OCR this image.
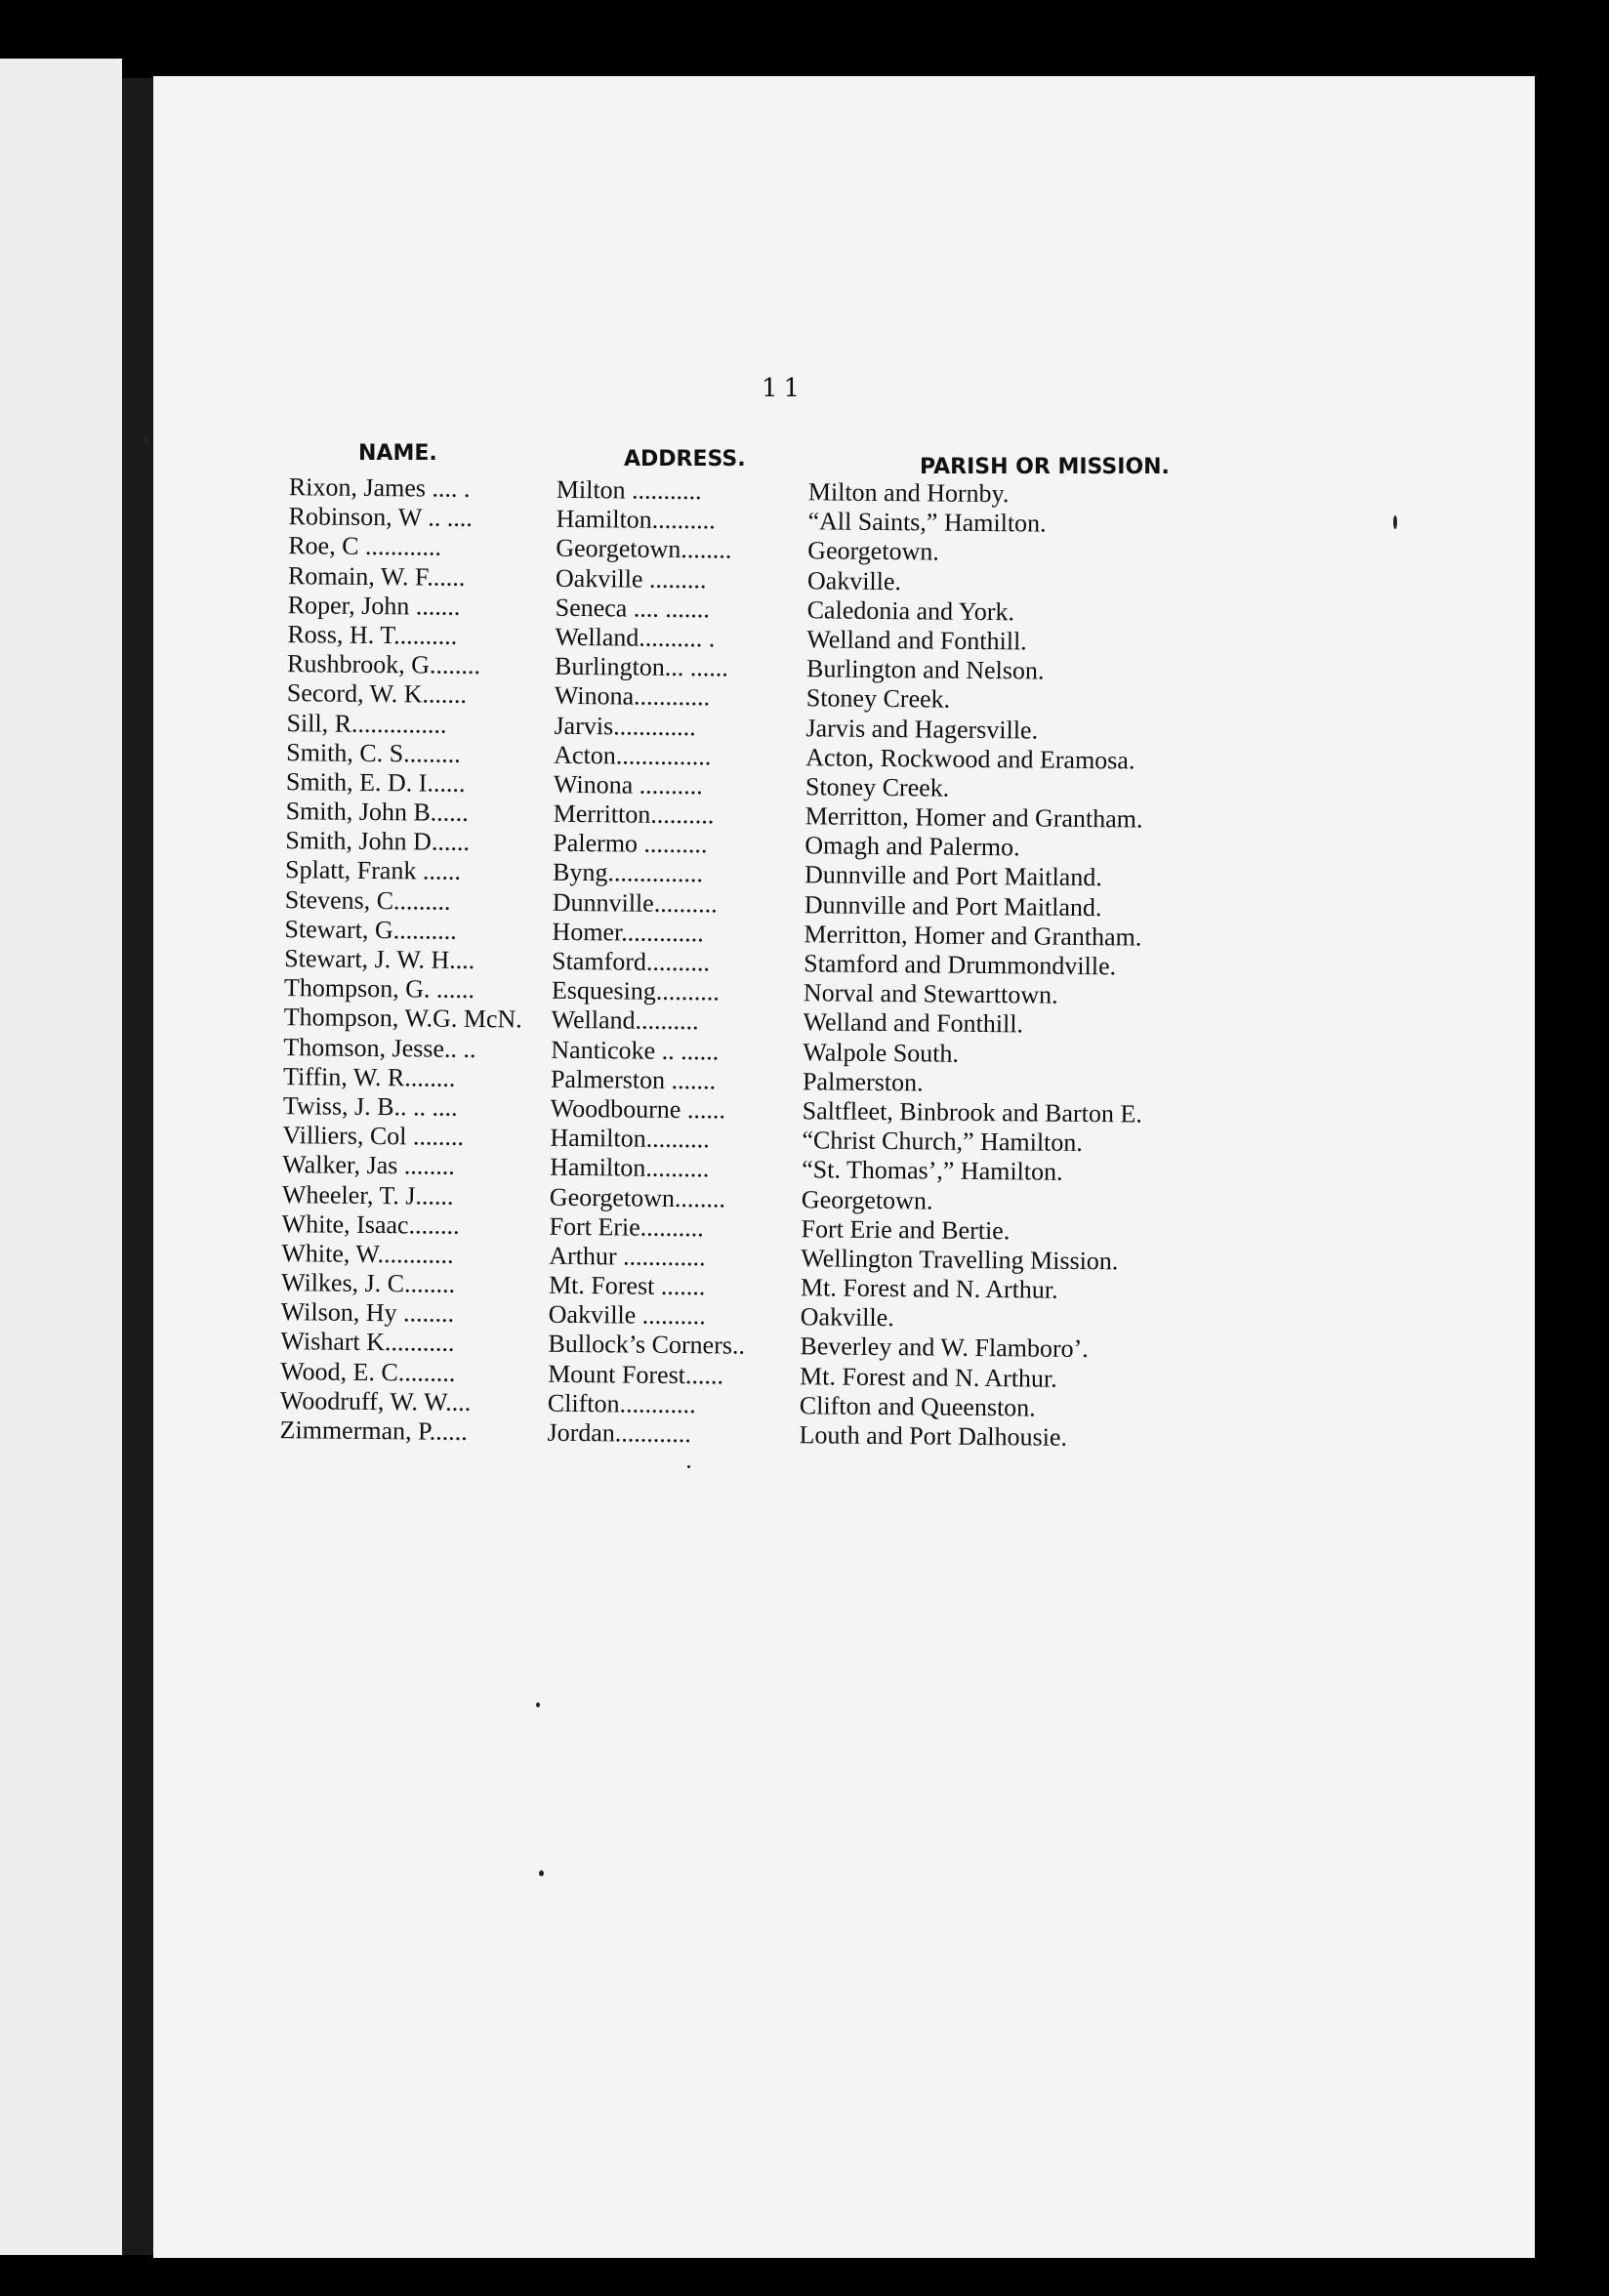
11
NAME.	ADDRESS.	PARISH OR MISSION.
Rixon, James .... .	Milton ...........	Milton and Hornby.
Robinson, W .. ....	Hamilton..........	“All Saints,” Hamilton.
Roe, C ............	Georgetown........	Georgetown.
Romain, W. F......	Oakville .........	Oakville.
Roper, John .......	Seneca .... .......	Caledonia and York.
Ross, H. T..........	Welland.......... .	Welland and Fonthill.
Rushbrook, G........	Burlington... ......	Burlington and Nelson.
Secord, W. K.......	Winona............	Stoney Creek.
Sill, R...............	Jarvis.............	Jarvis and Hagersville.
Smith, C. S.........	Acton...............	Acton, Rockwood and Eramosa.
Smith, E. D. I......	Winona ..........	Stoney Creek.
Smith, John B......	Merritton..........	Merritton, Homer and Grantham.
Smith, John D......	Palermo ..........	Omagh and Palermo.
Splatt, Frank ......	Byng...............	Dunnville and Port Maitland.
Stevens, C.........	Dunnville..........	Dunnville and Port Maitland.
Stewart, G..........	Homer.............	Merritton, Homer and Grantham.
Stewart, J. W. H....	Stamford..........	Stamford and Drummondville.
Thompson, G. ......	Esquesing..........	Norval and Stewarttown.
Thompson, W.G. McN. Welland..........	Welland and Fonthill.
Thomson, Jesse.. ..	Nanticoke .. ......	Walpole South.
Tiffin, W. R........	Palmerston .......	Palmerston.
Twiss, J. B.. .. ....	Woodbourne ......	Saltfleet, Binbrook and Barton E.
Villiers, Col ........	Hamilton..........	“Christ Church,” Hamilton.
Walker, Jas ........	Hamilton..........	“St. Thomas’,” Hamilton.
Wheeler, T. J......	Georgetown........	Georgetown.
White, Isaac........	Fort Erie..........	Fort Erie and Bertie.
White, W............	Arthur .............	Wellington Travelling Mission.
Wilkes, J. C........	Mt. Forest .......	Mt. Forest and N. Arthur.
Wilson, Hy ........	Oakville ..........	Oakville.
Wishart K...........	Bullock’s Corners.. Beverley and W. Flamboro’.
Wood, E. C.........	Mount Forest......	Mt. Forest and N. Arthur.
Woodruff, W. W....	Clifton............	Clifton and Queenston.
Zimmerman, P......	Jordan............	Louth and Port Dalhousie.
